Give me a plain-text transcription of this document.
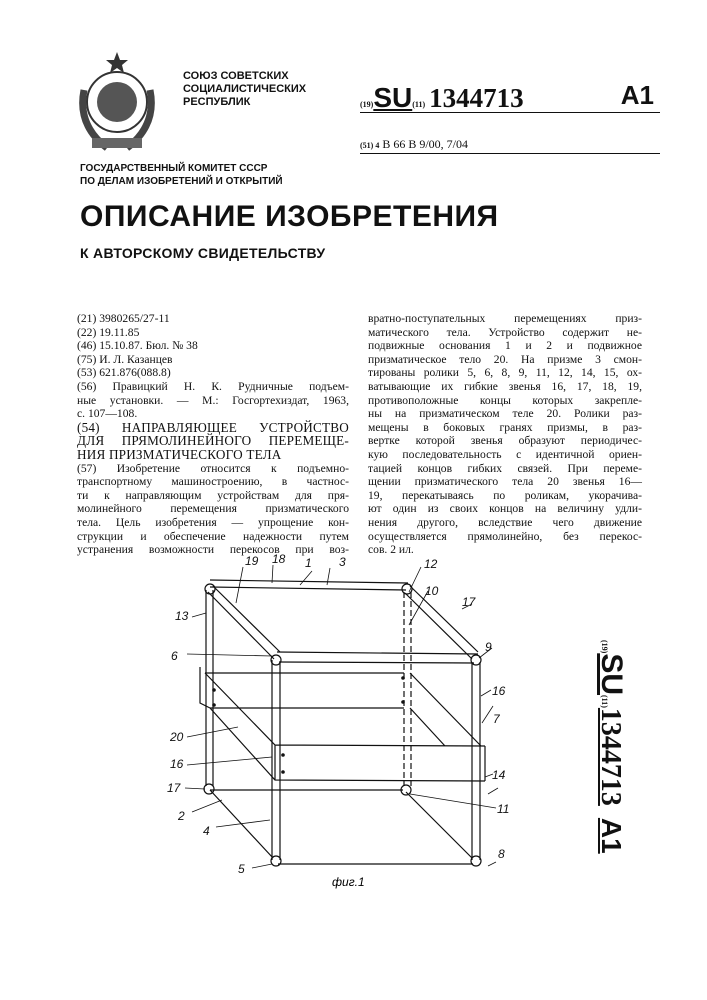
СОЮЗ СОВЕТСКИХ
СОЦИАЛИСТИЧЕСКИХ
РЕСПУБЛИК	(19)SU(11) 1344713	A1
(51) 4 B 66 B 9/00, 7/04
ГОСУДАРСТВЕННЫЙ КОМИТЕТ СССР
ПО ДЕЛАМ ИЗОБРЕТЕНИЙ И ОТКРЫТИЙ
ОПИСАНИЕ ИЗОБРЕТЕНИЯ
К АВТОРСКОМУ СВИДЕТЕЛЬСТВУ
(21) 3980265/27-11
(22) 19.11.85
(46) 15.10.87. Бюл. № 38
(75) И. Л. Казанцев
(53) 621.876(088.8)
(56) Правицкий Н. К. Рудничные подъем-
ные установки. — М.: Госгортехиздат, 1963,
с. 107—108.
(54) НАПРАВЛЯЮЩЕЕ УСТРОЙСТВО
ДЛЯ ПРЯМОЛИНЕЙНОГО ПЕРЕМЕЩЕ-
НИЯ ПРИЗМАТИЧЕСКОГО ТЕЛА
(57) Изобретение относится к подъемно-
транспортному машиностроению, в частнос-
ти к направляющим устройствам для пря-
молинейного перемещения призматического
тела. Цель изобретения — упрощение кон-
струкции и обеспечение надежности путем
устранения возможности перекосов при воз-
вратно-поступательных перемещениях приз-
матического тела. Устройство содержит не-
подвижные основания 1 и 2 и подвижное
призматическое тело 20. На призме 3 смон-
тированы ролики 5, 6, 8, 9, 11, 12, 14, 15, ох-
ватывающие их гибкие звенья 16, 17, 18, 19,
противоположные концы которых закрепле-
ны на призматическом теле 20. Ролики раз-
мещены в боковых гранях призмы, в раз-
вертке которой звенья образуют периодичес-
кую последовательность с идентичной ориен-
тацией концов гибких связей. При переме-
щении призматического тела 20 звенья 16—
19, перекатываясь по роликам, укорачива-
ют один из своих концов на величину удли-
нения другого, вследствие чего движение
осуществляется прямолинейно, без перекос-
сов. 2 ил.
(19)SU(11)1344713   A1
19 18 1 3	12
10
13
17
6
9
16
7
20
16
17
14
11
2
4
5
8
фиг.1
